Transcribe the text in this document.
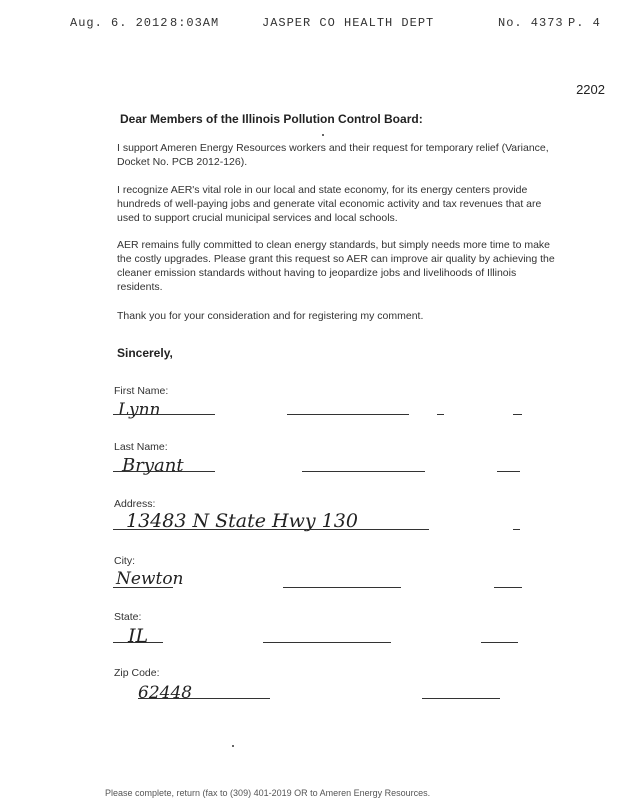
Aug. 6. 2012 8:03AM	JASPER CO HEALTH DEPT	No. 4373 P. 4
2202
Dear Members of the Illinois Pollution Control Board:
I support Ameren Energy Resources workers and their request for temporary relief (Variance, Docket No. PCB 2012-126).
I recognize AER's vital role in our local and state economy, for its energy centers provide hundreds of well-paying jobs and generate vital economic activity and tax revenues that are used to support crucial municipal services and local schools.
AER remains fully committed to clean energy standards, but simply needs more time to make the costly upgrades. Please grant this request so AER can improve air quality by achieving the cleaner emission standards without having to jeopardize jobs and livelihoods of Illinois residents.
Thank you for your consideration and for registering my comment.
Sincerely,
First Name:
Lynn
Last Name:
Bryant
Address:
13483 N State Hwy 130
City:
Newton
State:
IL
Zip Code:
62448
Please complete, return (fax to (309) 401-2019 OR to Ameren Energy Resources.
